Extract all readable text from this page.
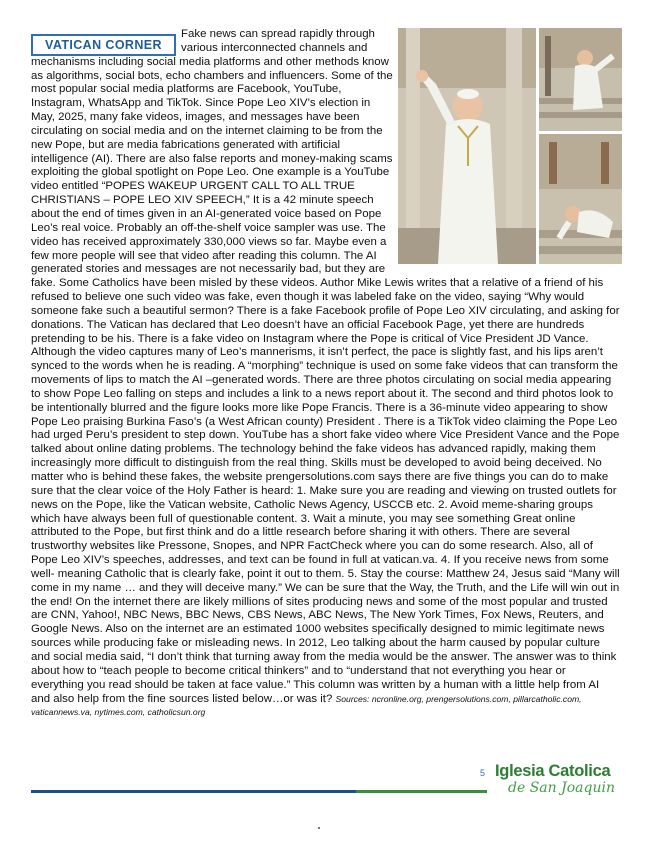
VATICAN CORNER
Fake news can spread rapidly through various interconnected channels and mechanisms including social media platforms and other methods know as algorithms, social bots, echo chambers and influencers. Some of the most popular social media platforms are Facebook, YouTube, Instagram, WhatsApp and TikTok. Since Pope Leo XIV’s election in May, 2025, many fake videos, images, and messages have been circulating on social media and on the internet claiming to be from the new Pope, but are media fabrications generated with artificial intelligence (AI). There are also false reports and money-making scams exploiting the global spotlight on Pope Leo. One example is a YouTube video entitled “POPES WAKEUP URGENT CALL TO ALL TRUE CHRISTIANS – POPE LEO XIV SPEECH,” It is a 42 minute speech about the end of times given in an AI-generated voice based on Pope Leo’s real voice. Probably an off-the-shelf voice sampler was use. The video has received approximately 330,000 views so far. Maybe even a few more people will see that video after reading this column. The AI generated stories and messages are not necessarily bad, but they are fake. Some Catholics have been misled by these videos. Author Mike Lewis writes that a relative of a friend of his refused to believe one such video was fake, even though it was labeled fake on the video, saying “Why would someone fake such a beautiful sermon? There is a fake Facebook profile of Pope Leo XIV circulating, and asking for donations. The Vatican has declared that Leo doesn’t have an official Facebook Page, yet there are hundreds pretending to be his. There is a fake video on Instagram where the Pope is critical of Vice President JD Vance. Although the video captures many of Leo’s mannerisms, it isn’t perfect, the pace is slightly fast, and his lips aren’t synced to the words when he is reading. A “morphing” technique is used on some fake videos that can transform the movements of lips to match the AI –generated words. There are three photos circulating on social media appearing to show Pope Leo falling on steps and includes a link to a news report about it. The second and third photos look to be intentionally blurred and the figure looks more like Pope Francis. There is a 36-minute video appearing to show Pope Leo praising Burkina Faso’s (a West African county) President . There is a TikTok video claiming the Pope Leo had urged Peru’s president to step down. YouTube has a short fake video where Vice President Vance and the Pope talked about online dating problems. The technology behind the fake videos has advanced rapidly, making them increasingly more difficult to distinguish from the real thing. Skills must be developed to avoid being deceived. No matter who is behind these fakes, the website prengersolutions.com says there are five things you can do to make sure that the clear voice of the Holy Father is heard: 1. Make sure you are reading and viewing on trusted outlets for news on the Pope, like the Vatican website, Catholic News Agency, USCCB etc. 2. Avoid meme-sharing groups which have always been full of questionable content. 3. Wait a minute, you may see something Great online attributed to the Pope, but first think and do a little research before sharing it with others. There are several trustworthy websites like Pressone, Snopes, and NPR FactCheck where you can do some research. Also, all of Pope Leo XIV’s speeches, addresses, and text can be found in full at vatican.va. 4. If you receive news from some well- meaning Catholic that is clearly fake, point it out to them. 5. Stay the course: Matthew 24, Jesus said “Many will come in my name … and they will deceive many.” We can be sure that the Way, the Truth, and the Life will win out in the end! On the internet there are likely millions of sites producing news and some of the most popular and trusted are CNN, Yahoo!, NBC News, BBC News, CBS News, ABC News, The New York Times, Fox News, Reuters, and Google News. Also on the internet are an estimated 1000 websites specifically designed to mimic legitimate news sources while producing fake or misleading news. In 2012, Leo talking about the harm caused by popular culture and social media said, “I don’t think that turning away from the media would be the answer. The answer was to think about how to “teach people to become critical thinkers” and to “understand that not everything you hear or everything you read should be taken at face value.” This column was written by a human with a little help from AI and also help from the fine sources listed below…or was it? Sources: ncronline.org, prengersolutions.com, pillarcatholic.com, vaticannews.va, nytimes.com, catholicsun.org
5 Iglesia Catolica
de San Joaquin
